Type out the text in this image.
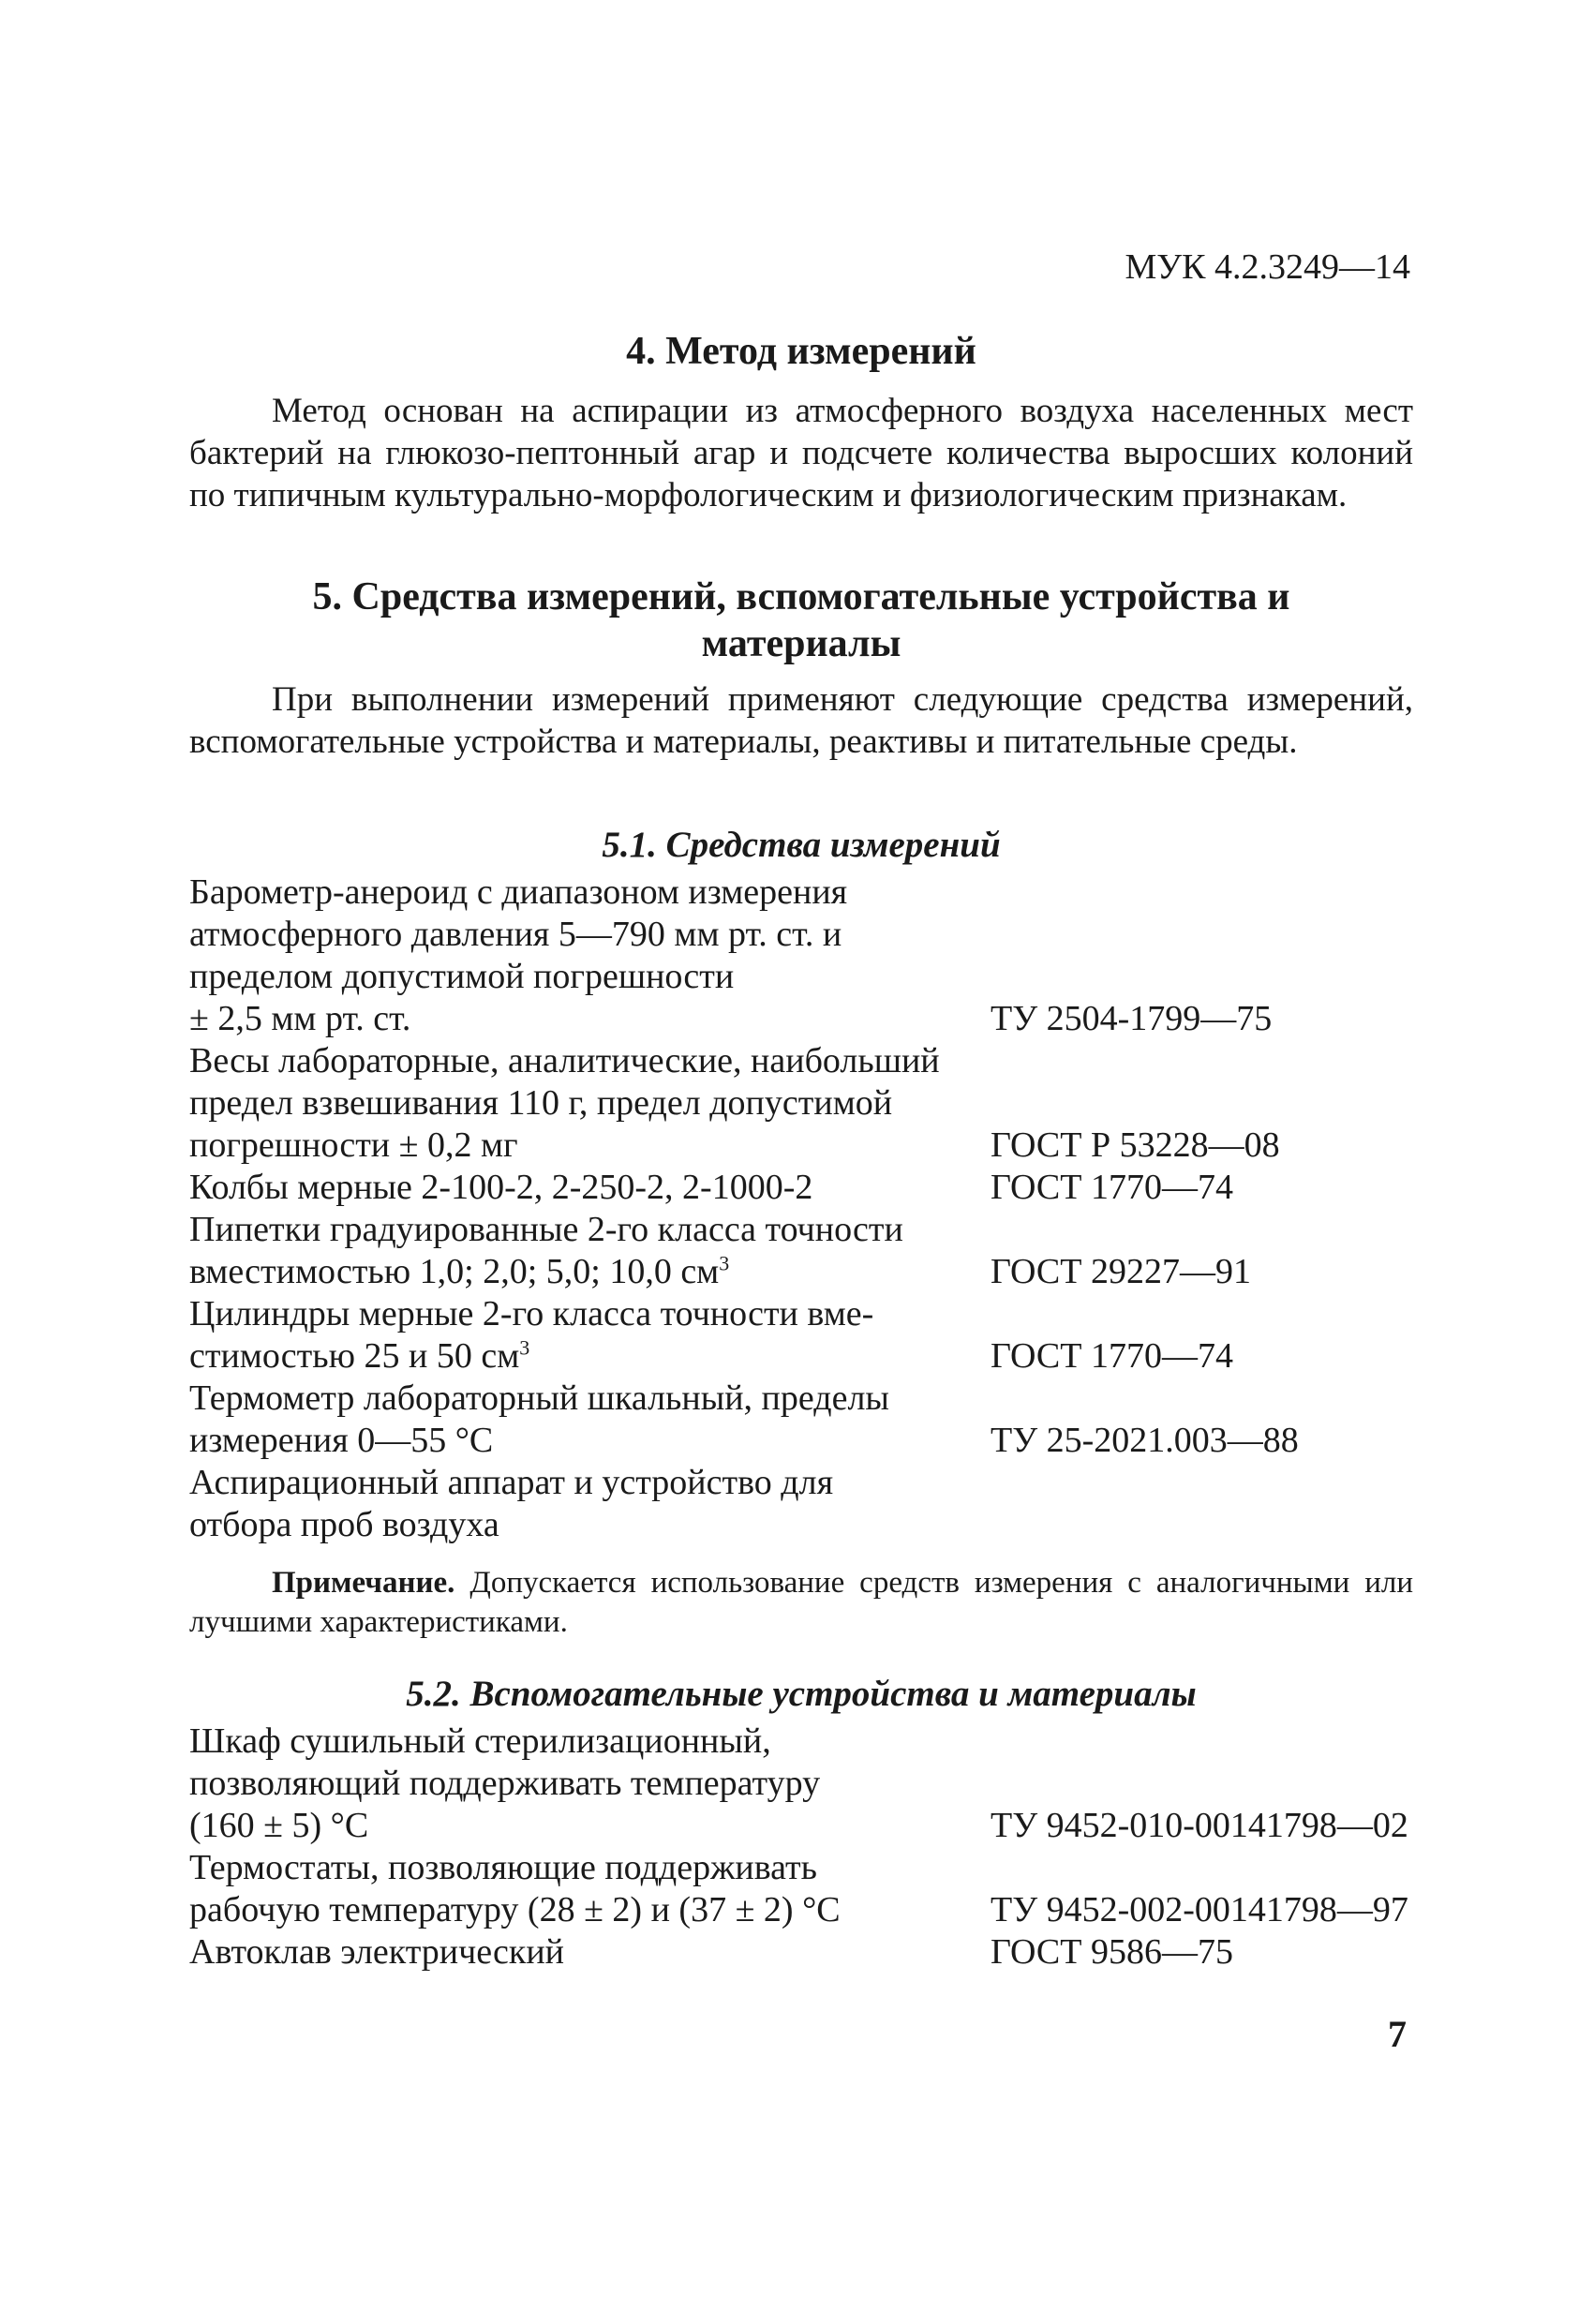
МУК 4.2.3249—14
4. Метод измерений

Метод основан на аспирации из атмосферного воздуха населенных мест бактерий на глюкозо-пептонный агар и подсчете количества выросших колоний по типичным культурально-морфологическим и физиологическим признакам.

5. Средства измерений, вспомогательные устройства и
материалы

При выполнении измерений применяют следующие средства измерений, вспомогательные устройства и материалы, реактивы и питательные среды.

5.1. Средства измерений
Барометр-анероид с диапазоном измерения
атмосферного давления 5—790 мм рт. ст. и
пределом допустимой погрешности
± 2,5 мм рт. ст.	ТУ 2504-1799—75
Весы лабораторные, аналитические, наибольший
предел взвешивания 110 г, предел допустимой
погрешности ± 0,2 мг	ГОСТ Р 53228—08
Колбы мерные 2-100-2, 2-250-2, 2-1000-2	ГОСТ 1770—74
Пипетки градуированные 2-го класса точности
вместимостью 1,0; 2,0; 5,0; 10,0 $см^3$	ГОСТ 29227—91
Цилиндры мерные 2-го класса точности вме-
стимостью 25 и 50 $см^3$	ГОСТ 1770—74
Термометр лабораторный шкальный, пределы
измерения 0—55 °С	ТУ 25-2021.003—88
Аспирационный аппарат и устройство для
отбора проб воздуха

Примечание. Допускается использование средств измерения с аналогичными или лучшими характеристиками.

5.2. Вспомогательные устройства и материалы
Шкаф сушильный стерилизационный,
позволяющий поддерживать температуру
(160 ± 5) °С	ТУ 9452-010-00141798—02
Термостаты, позволяющие поддерживать
рабочую температуру (28 ± 2) и (37 ± 2) °С	ТУ 9452-002-00141798—97
Автоклав электрический	ГОСТ 9586—75
7
